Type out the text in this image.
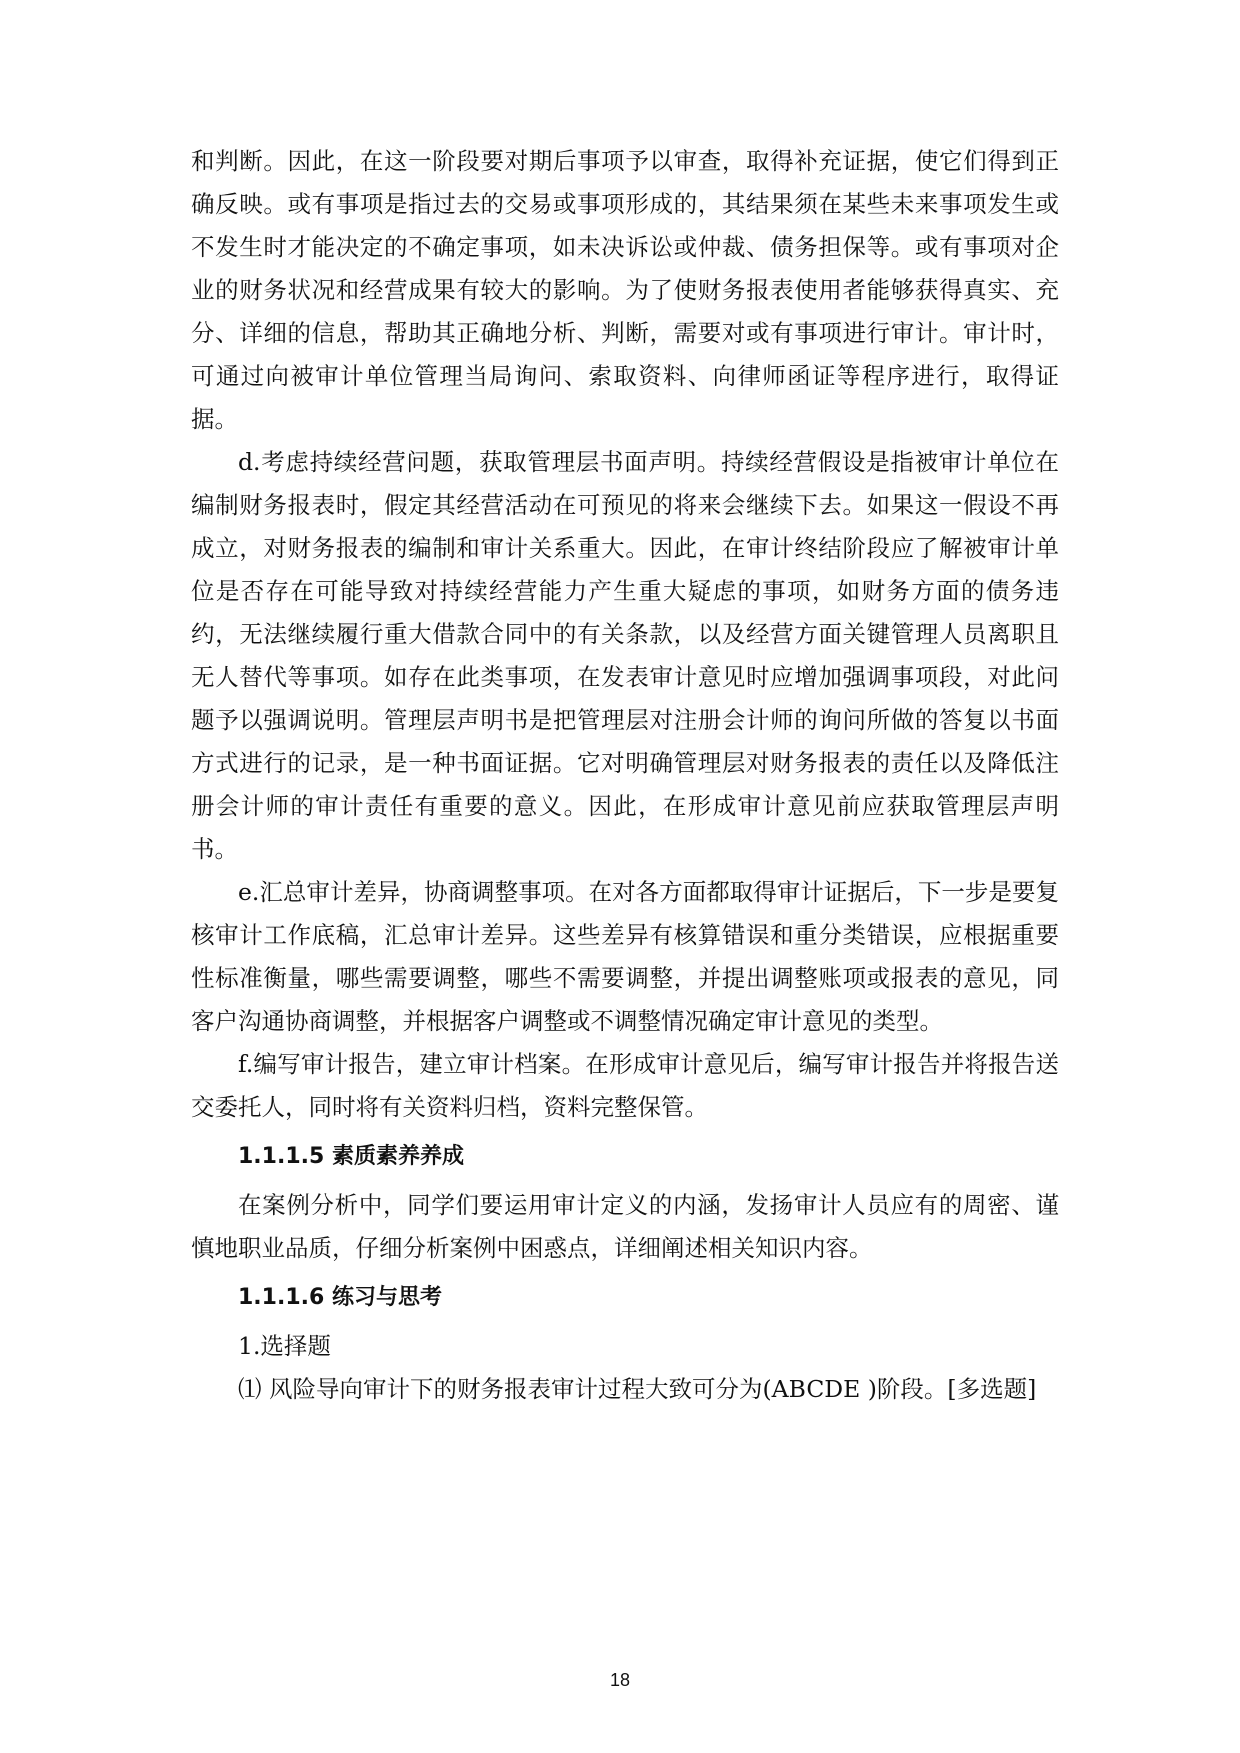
和判断。因此，在这一阶段要对期后事项予以审查，取得补充证据，使它们得到正确反映。或有事项是指过去的交易或事项形成的，其结果须在某些未来事项发生或不发生时才能决定的不确定事项，如未决诉讼或仲裁、债务担保等。或有事项对企业的财务状况和经营成果有较大的影响。为了使财务报表使用者能够获得真实、充分、详细的信息，帮助其正确地分析、判断，需要对或有事项进行审计。审计时，可通过向被审计单位管理当局询问、索取资料、向律师函证等程序进行，取得证据。

d.考虑持续经营问题，获取管理层书面声明。持续经营假设是指被审计单位在编制财务报表时，假定其经营活动在可预见的将来会继续下去。如果这一假设不再成立，对财务报表的编制和审计关系重大。因此，在审计终结阶段应了解被审计单位是否存在可能导致对持续经营能力产生重大疑虑的事项，如财务方面的债务违约，无法继续履行重大借款合同中的有关条款，以及经营方面关键管理人员离职且无人替代等事项。如存在此类事项，在发表审计意见时应增加强调事项段，对此问题予以强调说明。管理层声明书是把管理层对注册会计师的询问所做的答复以书面方式进行的记录，是一种书面证据。它对明确管理层对财务报表的责任以及降低注册会计师的审计责任有重要的意义。因此，在形成审计意见前应获取管理层声明书。

e.汇总审计差异，协商调整事项。在对各方面都取得审计证据后，下一步是要复核审计工作底稿，汇总审计差异。这些差异有核算错误和重分类错误，应根据重要性标准衡量，哪些需要调整，哪些不需要调整，并提出调整账项或报表的意见，同客户沟通协商调整，并根据客户调整或不调整情况确定审计意见的类型。

f.编写审计报告，建立审计档案。在形成审计意见后，编写审计报告并将报告送交委托人，同时将有关资料归档，资料完整保管。

1.1.1.5 素质素养养成

在案例分析中，同学们要运用审计定义的内涵，发扬审计人员应有的周密、谨慎地职业品质，仔细分析案例中困惑点，详细阐述相关知识内容。

1.1.1.6 练习与思考

1.选择题

⑴ 风险导向审计下的财务报表审计过程大致可分为(ABCDE )阶段。[多选题]

18
